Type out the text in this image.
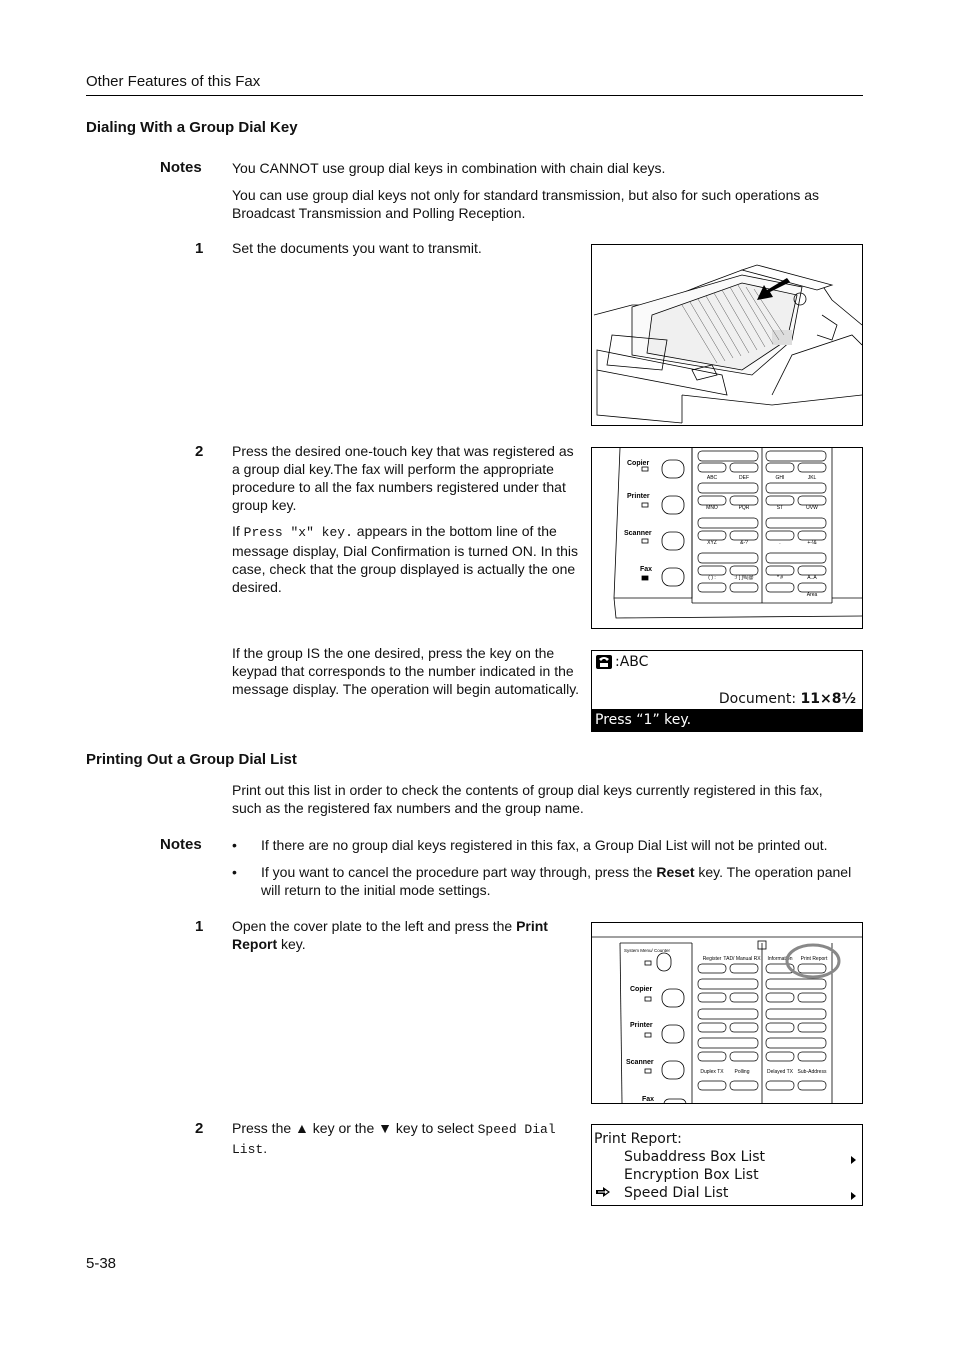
Other Features of this Fax
Dialing With a Group Dial Key
Notes You CANNOT use group dial keys in combination with chain dial keys.
You can use group dial keys not only for standard transmission, but also for such operations as Broadcast Transmission and Polling Reception.
1 Set the documents you want to transmit.
2 Press the desired one-touch key that was registered as a group dial key.The fax will perform the appropriate procedure to all the fax numbers registered under that group key.
If Press "x" key. appears in the bottom line of the message display, Dial Confirmation is turned ON. In this case, check that the group displayed is actually the one desired.
Copier
Printer
Scanner
Fax
ABC	DEF	GHI	JKL
MNO	PQR	ST	UVW
XYZ	&-?	.	+-!&
( ) :	:/ [ ]%|@	* #	A..A
Area
If the group IS the one desired, press the key on the keypad that corresponds to the number indicated in the message display. The operation will begin automatically.
:ABC
Document: 11×8½
Press “1” key.
Printing Out a Group Dial List
Print out this list in order to check the contents of group dial keys currently registered in this fax, such as the registered fax numbers and the group name.
Notes • If there are no group dial keys registered in this fax, a Group Dial List will not be printed out.
• If you want to cancel the procedure part way through, press the Reset key. The operation panel will return to the initial mode settings.
1 Open the cover plate to the left and press the Print Report key.	System Menu/ Counter
Copier
Printer
Scanner
Fax
Register TAD/ Manual RX Information Print Report
Duplex TX Polling	Delayed TX Sub-Address
2 Press the ▲ key or the ▼ key to select Speed Dial List.
Print Report:
Subaddress Box List
Encryption Box List
Speed Dial List
5-38
